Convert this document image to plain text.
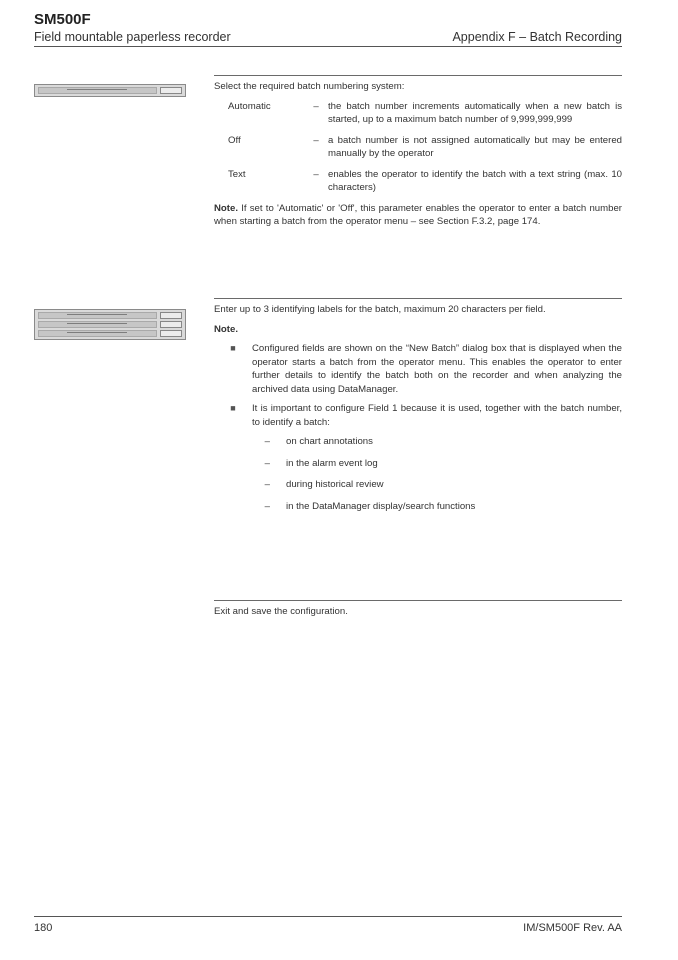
SM500F
Field mountable paperless recorder	Appendix F – Batch Recording
Select the required batch numbering system:
Automatic	– the batch number increments automatically when a new batch is started, up to a maximum batch number of 9,999,999,999
Off	– a batch number is not assigned automatically but may be entered manually by the operator
Text	– enables the operator to identify the batch with a text string (max. 10 characters)
Note. If set to 'Automatic' or 'Off', this parameter enables the operator to enter a batch number when starting a batch from the operator menu – see Section F.3.2, page 174.
Enter up to 3 identifying labels for the batch, maximum 20 characters per field.
Note.
■	Configured fields are shown on the “New Batch” dialog box that is displayed when the operator starts a batch from the operator menu. This enables the operator to enter further details to identify the batch both on the recorder and when analyzing the archived data using DataManager.
■	It is important to configure Field 1 because it is used, together with the batch number, to identify a batch:
–	on chart annotations
–	in the alarm event log
–	during historical review
–	in the DataManager display/search functions
Exit and save the configuration.
180	IM/SM500F Rev. AA
